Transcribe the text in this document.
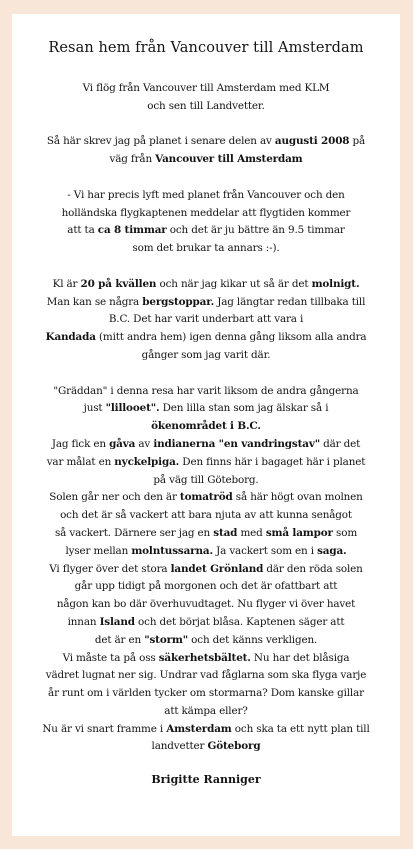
Resan hem från Vancouver till Amsterdam
Vi flög från Vancouver till Amsterdam med KLM
och sen till Landvetter.
Så här skrev jag på planet i senare delen av augusti 2008 på
väg från Vancouver till Amsterdam
- Vi har precis lyft med planet från Vancouver och den
holländska flygkaptenen meddelar att flygtiden kommer
att ta ca 8 timmar och det är ju bättre än 9.5 timmar
som det brukar ta annars :-).
Kl är 20 på kvällen och när jag kikar ut så är det molnigt.
Man kan se några bergstoppar. Jag längtar redan tillbaka till
B.C. Det har varit underbart att vara i
Kandada (mitt andra hem) igen denna gång liksom alla andra
gånger som jag varit där.
"Gräddan" i denna resa har varit liksom de andra gångerna
just "lillooet". Den lilla stan som jag älskar så i
ökenområdet i B.C.
Jag fick en gåva av indianerna "en vandringstav" där det
var målat en nyckelpiga. Den finns här i bagaget här i planet
på väg till Göteborg.
Solen går ner och den är tomatröd så här högt ovan molnen
och det är så vackert att bara njuta av att kunna senågot
så vackert. Därnere ser jag en stad med små lampor som
lyser mellan molntussarna. Ja vackert som en i saga.
Vi flyger över det stora landet Grönland där den röda solen
går upp tidigt på morgonen och det är ofattbart att
någon kan bo där överhuvudtaget. Nu flyger vi över havet
innan Island och det börjat blåsa. Kaptenen säger att
det är en "storm" och det känns verkligen.
Vi måste ta på oss säkerhetsbältet. Nu har det blåsiga
vädret lugnat ner sig. Undrar vad fåglarna som ska flyga varje
år runt om i världen tycker om stormarna? Dom kanske gillar
att kämpa eller?
Nu är vi snart framme i Amsterdam och ska ta ett nytt plan till
landvetter Göteborg
Brigitte Ranniger
